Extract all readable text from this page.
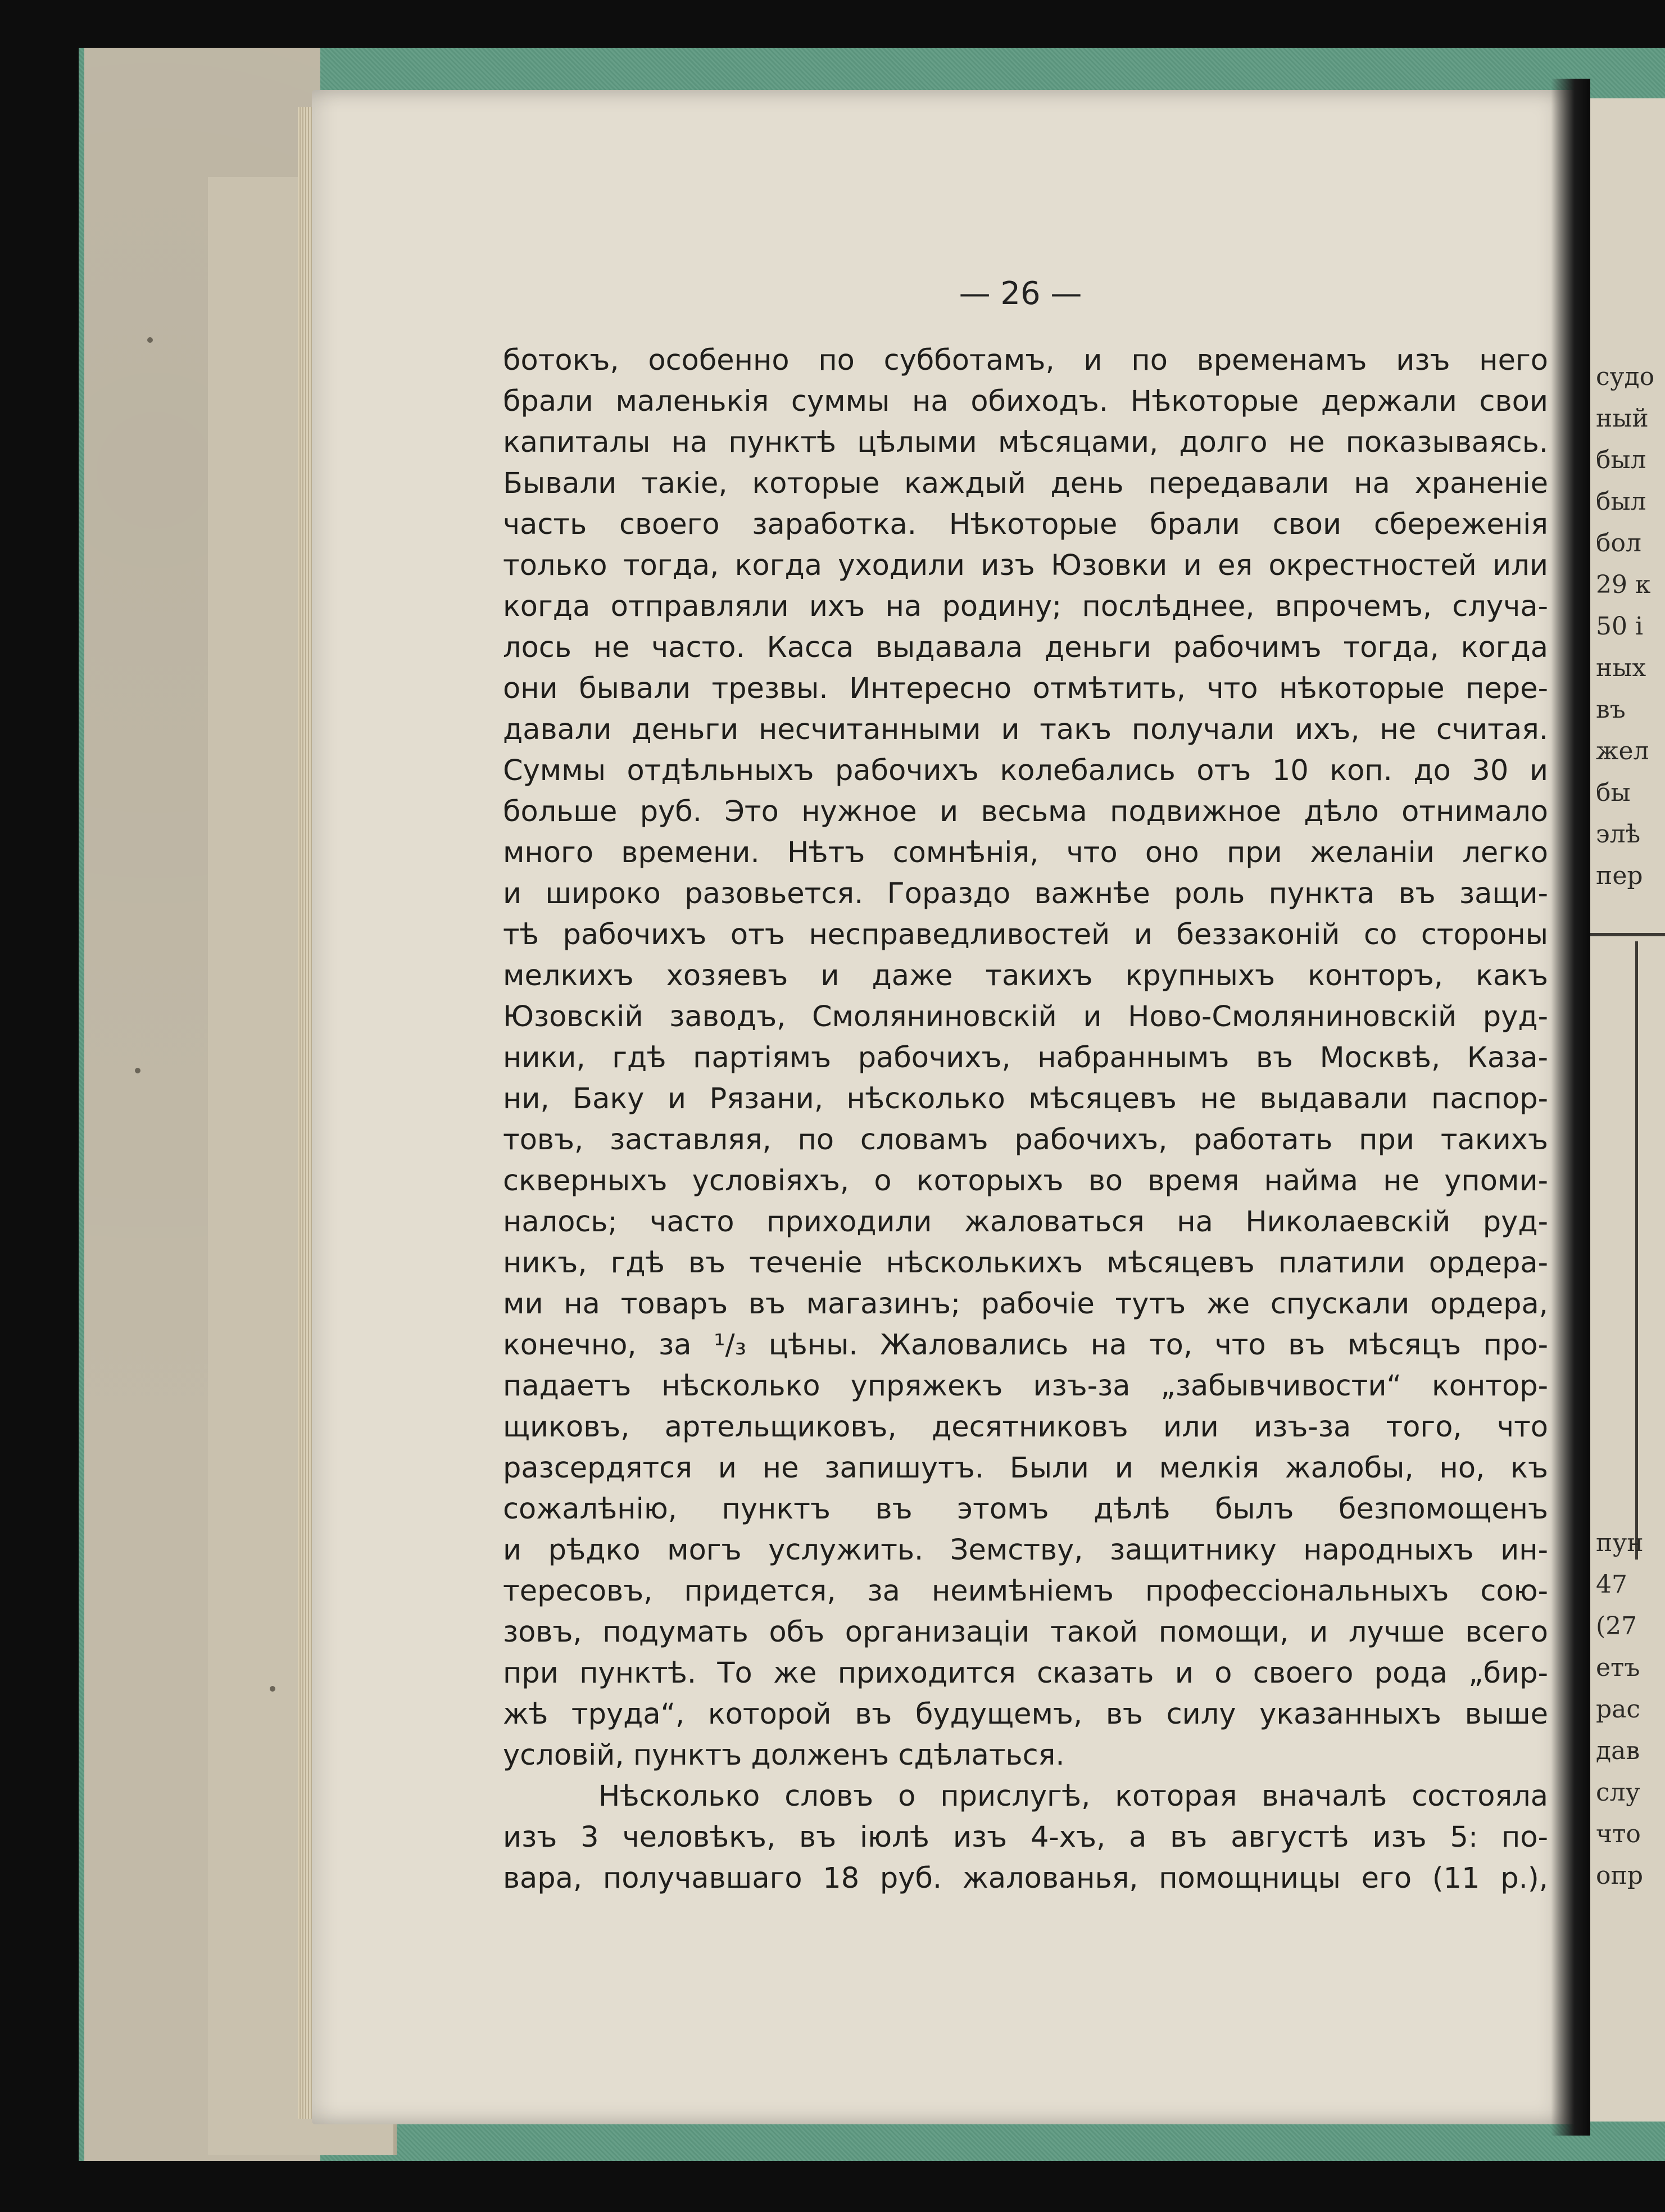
судо
ный
был
был
бол
29 к
50 і
ных
въ
жел
бы
элѣ
пер
пун
47
(27
етъ
рас
дав
слу
что
опр
— 26 —
ботокъ, особенно по субботамъ, и по временамъ изъ него
брали маленькія суммы на обиходъ. Нѣкоторые держали свои
капиталы на пунктѣ цѣлыми мѣсяцами, долго не показываясь.
Бывали такіе, которые каждый день передавали на храненіе
часть своего заработка. Нѣкоторые брали свои сбереженія
только тогда, когда уходили изъ Юзовки и ея окрестностей или
когда отправляли ихъ на родину; послѣднее, впрочемъ, случа-
лось не часто. Касса выдавала деньги рабочимъ тогда, когда
они бывали трезвы. Интересно отмѣтить, что нѣкоторые пере-
давали деньги несчитанными и такъ получали ихъ, не считая.
Суммы отдѣльныхъ рабочихъ колебались отъ 10 коп. до 30 и
больше руб. Это нужное и весьма подвижное дѣло отнимало
много времени. Нѣтъ сомнѣнія, что оно при желаніи легко
и широко разовьется. Гораздо важнѣе роль пункта въ защи-
тѣ рабочихъ отъ несправедливостей и беззаконій со стороны
мелкихъ хозяевъ и даже такихъ крупныхъ конторъ, какъ
Юзовскій заводъ, Смоляниновскій и Ново-Смоляниновскій руд-
ники, гдѣ партіямъ рабочихъ, набраннымъ въ Москвѣ, Каза-
ни, Баку и Рязани, нѣсколько мѣсяцевъ не выдавали паспор-
товъ, заставляя, по словамъ рабочихъ, работать при такихъ
скверныхъ условіяхъ, о которыхъ во время найма не упоми-
налось; часто приходили жаловаться на Николаевскій руд-
никъ, гдѣ въ теченіе нѣсколькихъ мѣсяцевъ платили ордера-
ми на товаръ въ магазинъ; рабочіе тутъ же спускали ордера,
конечно, за ¹/₃ цѣны. Жаловались на то, что въ мѣсяцъ про-
падаетъ нѣсколько упряжекъ изъ-за „забывчивости“ контор-
щиковъ, артельщиковъ, десятниковъ или изъ-за того, что
разсердятся и не запишутъ. Были и мелкія жалобы, но, къ
сожалѣнію, пунктъ въ этомъ дѣлѣ былъ безпомощенъ
и рѣдко могъ услужить. Земству, защитнику народныхъ ин-
тересовъ, придется, за неимѣніемъ профессіональныхъ сою-
зовъ, подумать объ организаціи такой помощи, и лучше всего
при пунктѣ. То же приходится сказать и о своего рода „бир-
жѣ труда“, которой въ будущемъ, въ силу указанныхъ выше
условій, пунктъ долженъ сдѣлаться.
Нѣсколько словъ о прислугѣ, которая вначалѣ состояла
изъ 3 человѣкъ, въ іюлѣ изъ 4-хъ, а въ августѣ изъ 5: по-
вара, получавшаго 18 руб. жалованья, помощницы его (11 р.),
